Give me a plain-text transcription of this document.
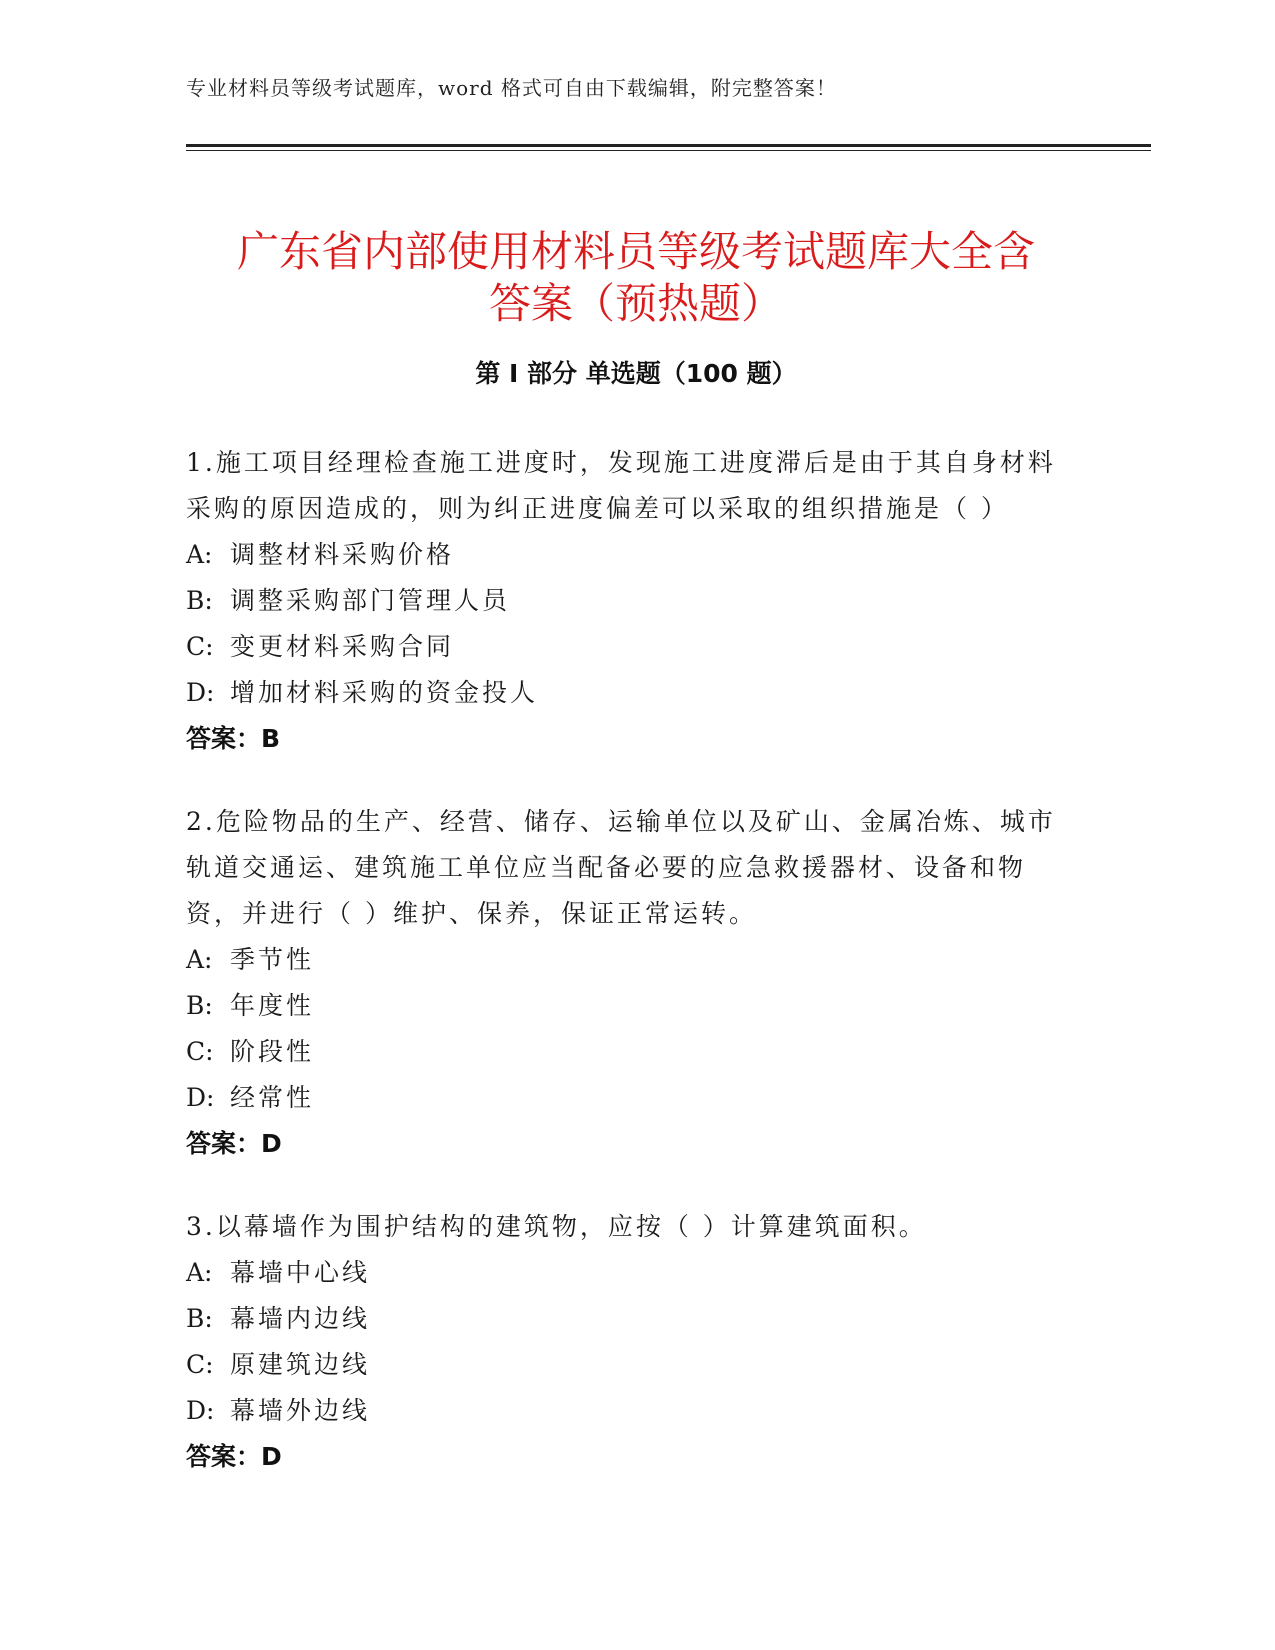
专业材料员等级考试题库，word 格式可自由下载编辑，附完整答案！
广东省内部使用材料员等级考试题库大全含
答案（预热题）
第 I 部分 单选题（100 题）

1.施工项目经理检查施工进度时，发现施工进度滞后是由于其自身材料采购的原因造成的，则为纠正进度偏差可以采取的组织措施是（ ）

A: 调整材料采购价格
B: 调整采购部门管理人员
C: 变更材料采购合同
D: 增加材料采购的资金投人
答案：B

2.危险物品的生产、经营、储存、运输单位以及矿山、金属冶炼、城市轨道交通运、建筑施工单位应当配备必要的应急救援器材、设备和物资，并进行（ ）维护、保养，保证正常运转。

A: 季节性
B: 年度性
C: 阶段性
D: 经常性
答案：D

3.以幕墙作为围护结构的建筑物，应按（ ）计算建筑面积。

A: 幕墙中心线
B: 幕墙内边线
C: 原建筑边线
D: 幕墙外边线
答案：D
